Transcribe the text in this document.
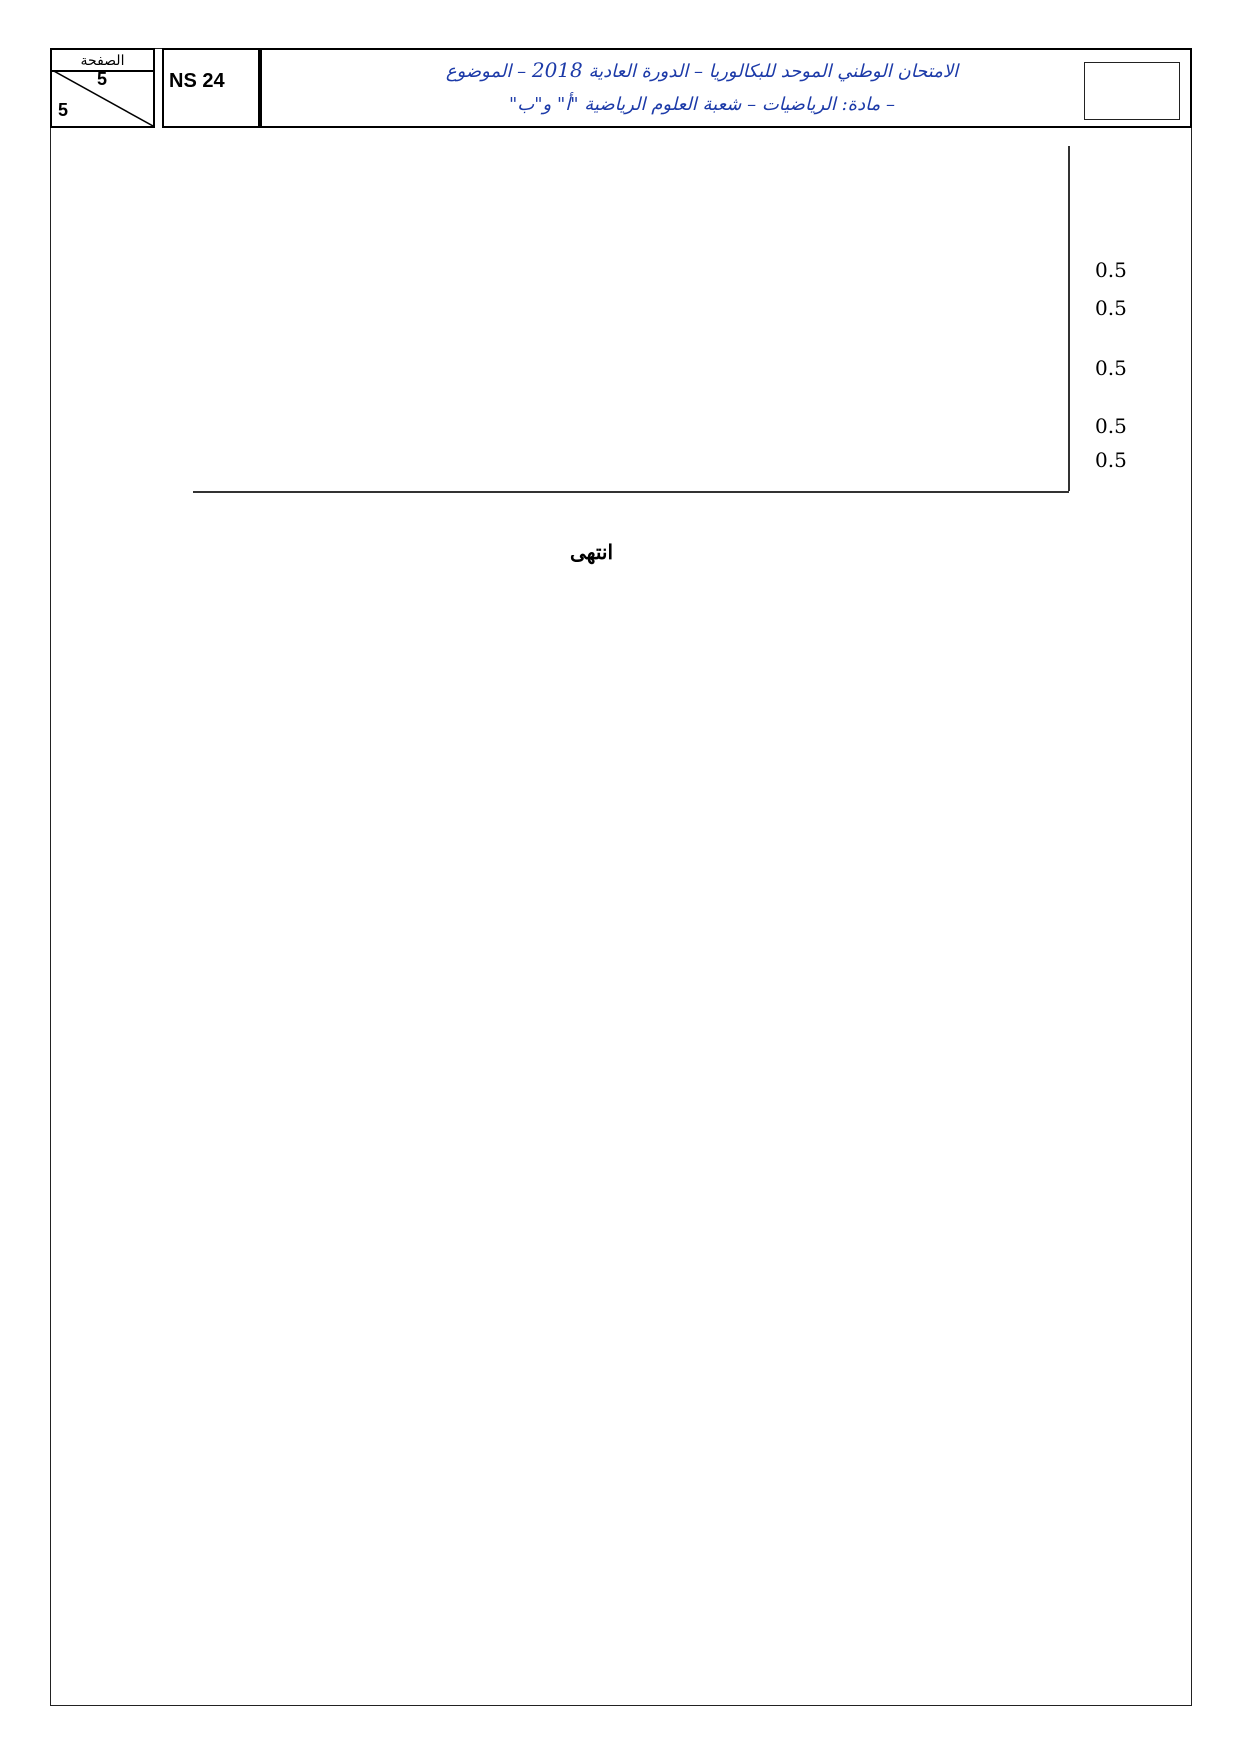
الصفحة
5
5
NS 24	الامتحان الوطني الموحد للبكالوريا – الدورة العادية 2018 – الموضوع
– مادة: الرياضيات – شعبة العلوم الرياضية "أ" و"ب"

0.5
0.5

0.5

0.5
0.5

انتهى
